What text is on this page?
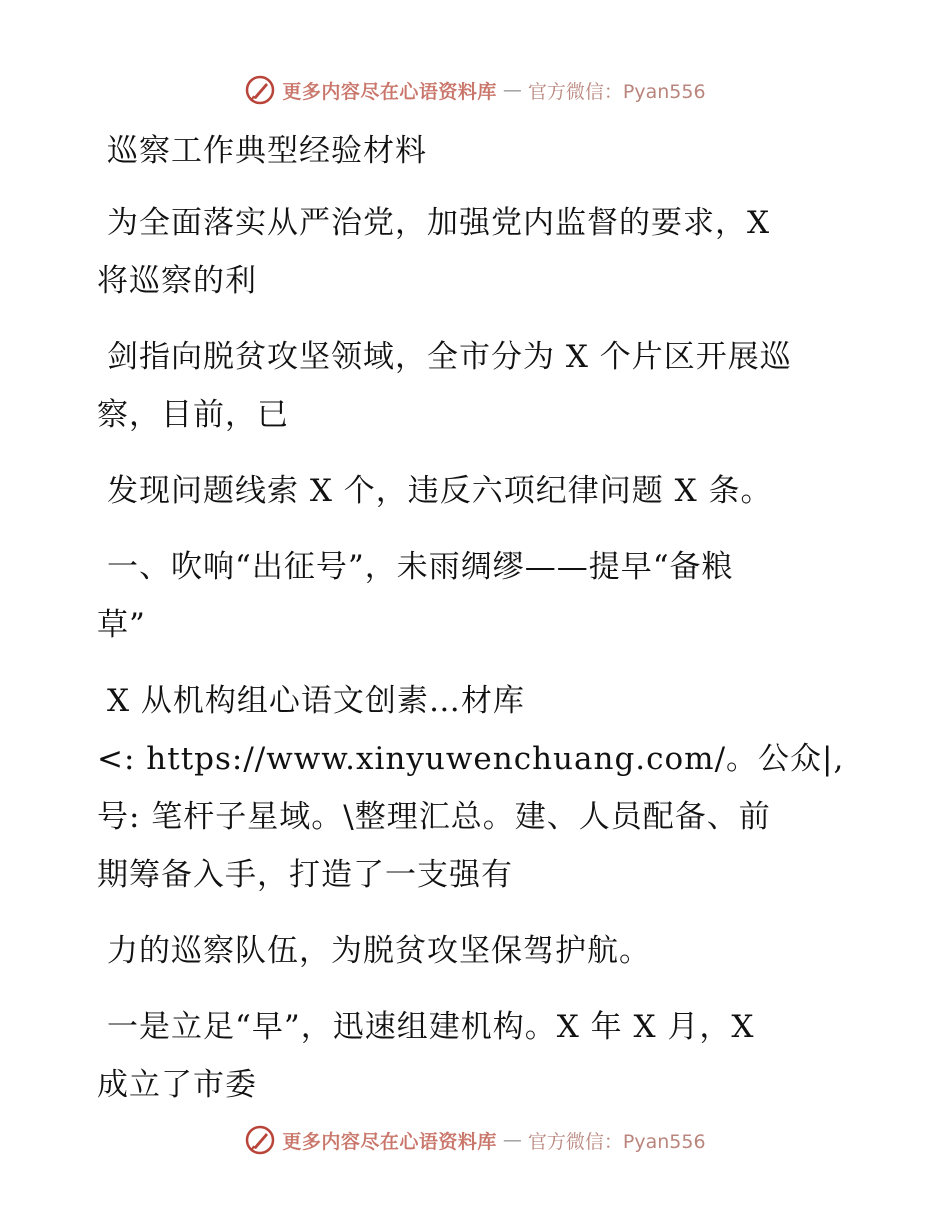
更多内容尽在心语资料库 — 官方微信：Pyan556
巡察工作典型经验材料
为全面落实从严治党，加强党内监督的要求，X
将巡察的利
剑指向脱贫攻坚领域，全市分为 X 个片区开展巡
察，目前，已
发现问题线索 X 个，违反六项纪律问题 X 条。
一、吹响“出征号”，未雨绸缪——提早“备粮
草”
X 从机构组心语文创素…材库
<: https://www.xinyuwenchuang.com/。公众|,
号: 笔杆子星域。\整理汇总。建、人员配备、前
期筹备入手，打造了一支强有
力的巡察队伍，为脱贫攻坚保驾护航。
一是立足“早”，迅速组建机构。X 年 X 月，X
成立了市委
更多内容尽在心语资料库 — 官方微信：Pyan556
